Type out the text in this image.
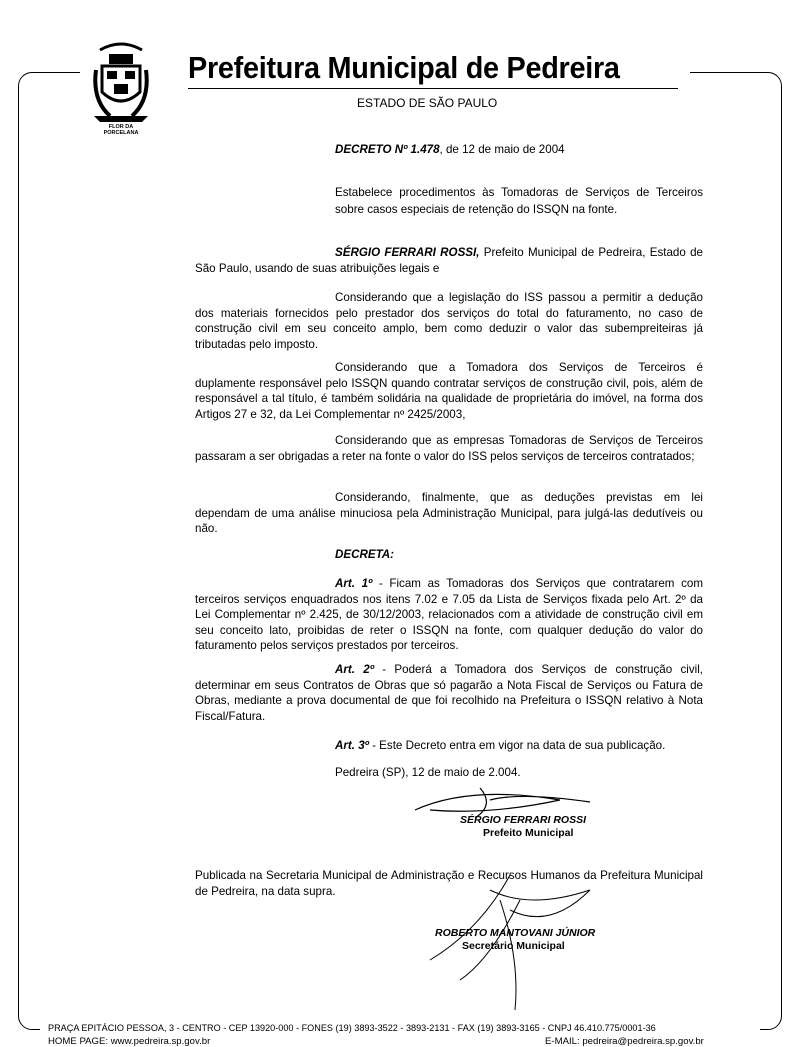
FLOR DA PORCELANA
Prefeitura Municipal de Pedreira
ESTADO DE SÃO PAULO
DECRETO Nº 1.478, de 12 de maio de 2004
Estabelece procedimentos às Tomadoras de Serviços de Terceiros sobre casos especiais de retenção do ISSQN na fonte.
SÉRGIO FERRARI ROSSI, Prefeito Municipal de Pedreira, Estado de São Paulo, usando de suas atribuições legais e
Considerando que a legislação do ISS passou a permitir a dedução dos materiais fornecidos pelo prestador dos serviços do total do faturamento, no caso de construção civil em seu conceito amplo, bem como deduzir o valor das subempreiteiras já tributadas pelo imposto.
Considerando que a Tomadora dos Serviços de Terceiros é duplamente responsável pelo ISSQN quando contratar serviços de construção civil, pois, além de responsável a tal título, é também solidária na qualidade de proprietária do imóvel, na forma dos Artigos 27 e 32, da Lei Complementar nº 2425/2003,
Considerando que as empresas Tomadoras de Serviços de Terceiros passaram a ser obrigadas a reter na fonte o valor do ISS pelos serviços de terceiros contratados;
Considerando, finalmente, que as deduções previstas em lei dependam de uma análise minuciosa pela Administração Municipal, para julgá-las dedutíveis ou não.
DECRETA:
Art. 1º - Ficam as Tomadoras dos Serviços que contratarem com terceiros serviços enquadrados nos itens 7.02 e 7.05 da Lista de Serviços fixada pelo Art. 2º da Lei Complementar nº 2.425, de 30/12/2003, relacionados com a atividade de construção civil em seu conceito lato, proibidas de reter o ISSQN na fonte, com qualquer dedução do valor do faturamento pelos serviços prestados por terceiros.
Art. 2º - Poderá a Tomadora dos Serviços de construção civil, determinar em seus Contratos de Obras que só pagarão a Nota Fiscal de Serviços ou Fatura de Obras, mediante a prova documental de que foi recolhido na Prefeitura o ISSQN relativo à Nota Fiscal/Fatura.
Art. 3º - Este Decreto entra em vigor na data de sua publicação.
Pedreira (SP), 12 de maio de 2.004.
SÉRGIO FERRARI ROSSI
Prefeito Municipal
Publicada na Secretaria Municipal de Administração e Recursos Humanos da Prefeitura Municipal de Pedreira, na data supra.
ROBERTO MANTOVANI JÚNIOR
Secretário Municipal
PRAÇA EPITÁCIO PESSOA, 3 - CENTRO - CEP 13920-000 - FONES (19) 3893-3522 - 3893-2131 - FAX (19) 3893-3165 - CNPJ 46.410.775/0001-36
HOME PAGE: www.pedreira.sp.gov.br	E-MAIL: pedreira@pedreira.sp.gov.br
